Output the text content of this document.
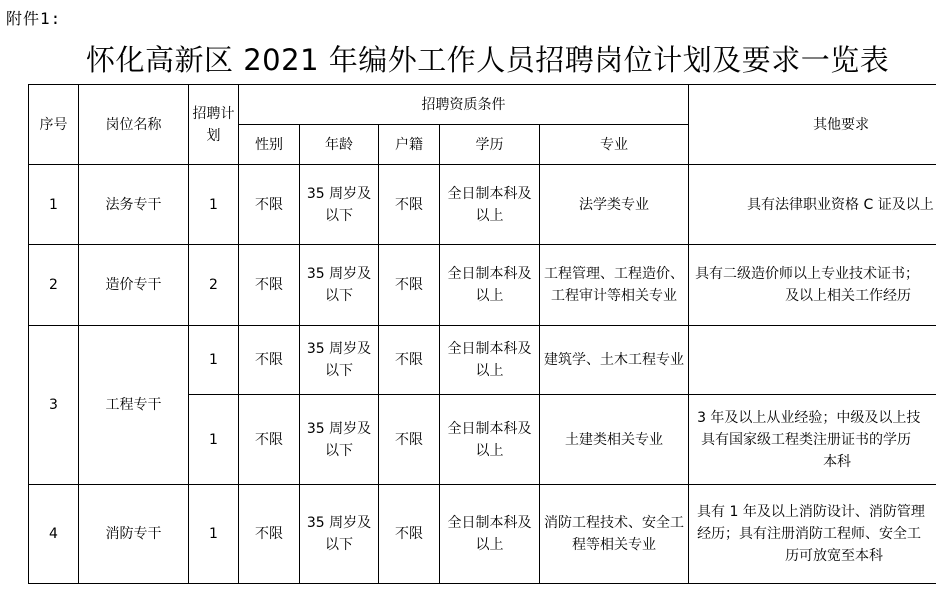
附件1:
怀化高新区 2021 年编外工作人员招聘岗位计划及要求一览表
序号	岗位名称	招聘计划	招聘资质条件					其他要求
			性别	年龄	户籍	学历	专业	
1	法务专干	1	不限	35 周岁及以下	不限	全日制本科及以上	法学类专业	具有法律职业资格 C 证及以上
2	造价专干	2	不限	35 周岁及以下	不限	全日制本科及以上	工程管理、工程造价、工程审计等相关专业	具有二级造价师以上专业技术证书；
及以上相关工作经历

3	工程专干	1	不限	35 周岁及以下	不限	全日制本科及以上	建筑学、土木工程专业	
		1	不限	35 周岁及以下	不限	全日制本科及以上	土建类相关专业	3 年及以上从业经验；中级及以上技
具有国家级工程类注册证书的学历
本科

4	消防专干	1	不限	35 周岁及以下	不限	全日制本科及以上	消防工程技术、安全工程等相关专业	具有 1 年及以上消防设计、消防管理
经历；具有注册消防工程师、安全工
历可放宽至本科
